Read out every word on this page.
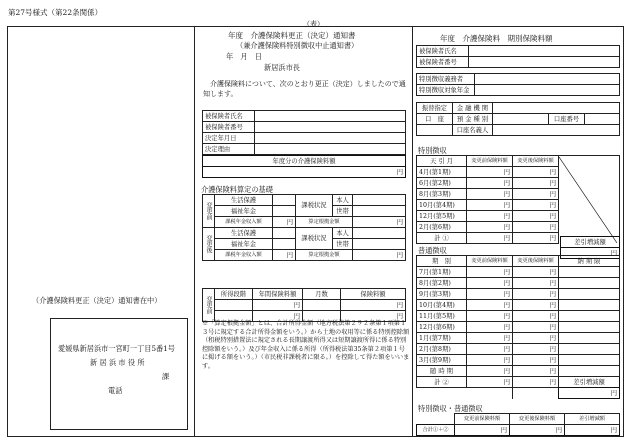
第27号様式（第22条関係）
（表）
（介護保険料更正（決定）通知書在中）
愛媛県新居浜市一宮町一丁目5番1号
新 居 浜 市 役 所
課
電話
年度　介護保険料更正（決定）通知書
（兼介護保険料特別徴収中止通知書）
年　月　日
新居浜市長
介護保険料について、次のとおり更正（決定）しましたので通知します。
被保険者氏名	
被保険者番号	
決定年月日	
決定理由	
年度分の介護保険料額
円
介護保険料算定の基礎
変更前	生活保護		課税状況	本人	
	福祉年金			世帯	
	課税年金収入額	円	算定根拠金額		円
変更後	生活保護		課税状況	本人	
	福祉年金			世帯	
	課税年金収入額	円	算定根拠金額		円
変更前	所得段階	年間保険料額	月数	保険料額
		円		円
		円		円
※「算定根拠金額」とは、合計所得金額（地方税法第２９２条第１項第１３号に規定する合計所得金額をいう。）から土地の収用等に係る特別控除額（租税特別措置法に規定される長期譲渡所得又は短期譲渡所得に係る特別控除額をいう。）及び年金収入に係る所得（所得税法第35条第２項第１号に掲げる額をいう。）（市民税非課税者に限る。）を控除して得た額をいいます。
年度　介護保険料　期別保険料額
被保険者氏名	
被保険者番号	
特別徴収義務者	
特別徴収対象年金	
振替指定	金 融 機 関			
口　座	預 金 種 別		口座番号	
	口座名義人			
特別徴収
天 引 月	変更前保険料額	変更後保険料額	

4月(第1期)	円	円	
6月(第2期)	円	円	
8月(第3期)	円	円	
10月(第4期)	円	円	
12月(第5期)	円	円	
2月(第6期)	円	円	
計 ①	円	円	
差引増減額
円
普通徴収
期　別	変更前保険料額	変更後保険料額	納 期 限
7月(第1期)	円	円	
8月(第2期)	円	円	
9月(第3期)	円	円	
10月(第4期)	円	円	
11月(第5期)	円	円	
12月(第6期)	円	円	
1月(第7期)	円	円	
2月(第8期)	円	円	
3月(第9期)	円	円	
随 時 期	円	円	
計 ②	円	円	差引増減額
			円
特別徴収・普通徴収
	変更前保険料額	変更後保険料額	差引増減額
合計①＋②	円	円	円
